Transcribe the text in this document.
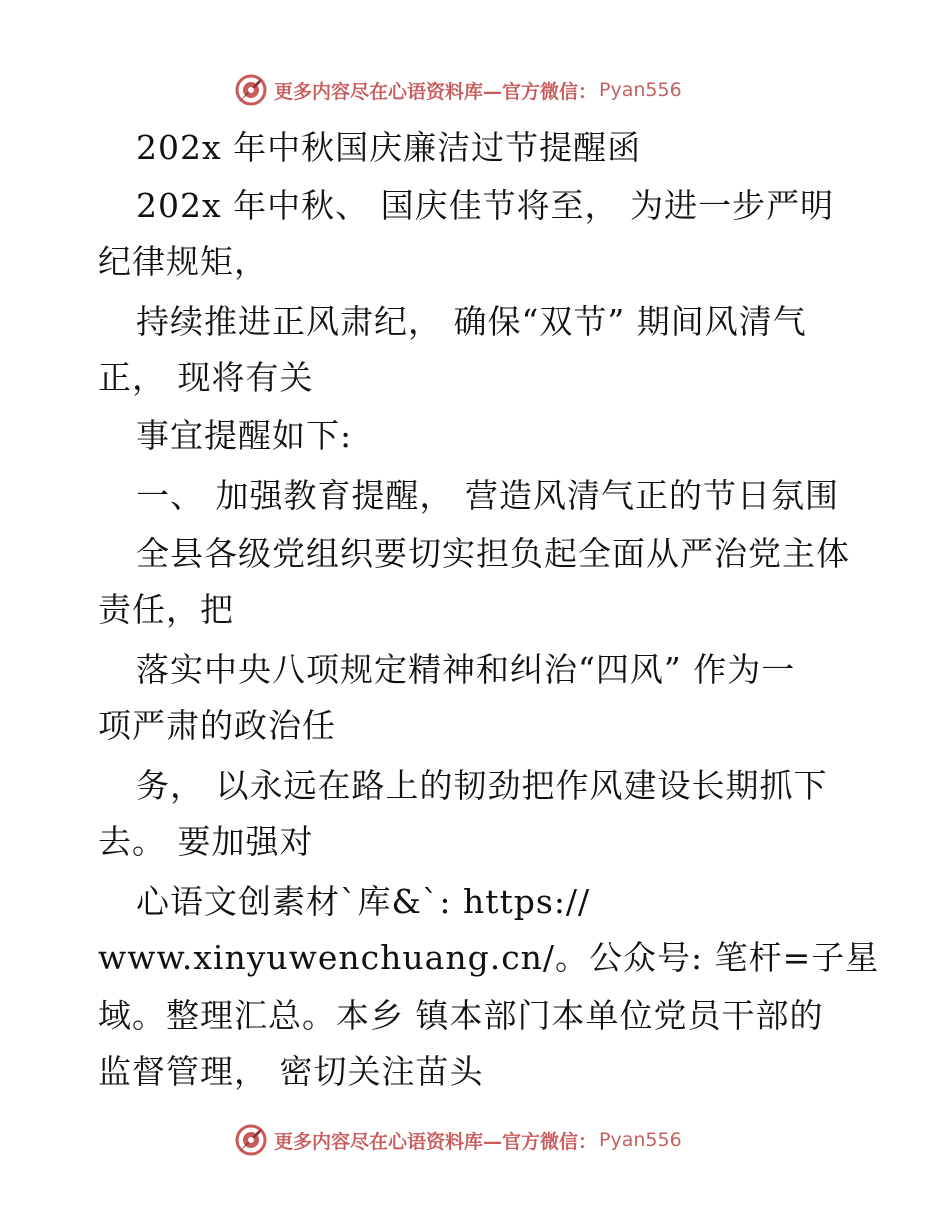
更多内容尽在心语资料库—官方微信： Pyan556
202x 年中秋国庆廉洁过节提醒函
202x 年中秋、 国庆佳节将至， 为进一步严明
纪律规矩，
持续推进正风肃纪， 确保“双节” 期间风清气
正， 现将有关
事宜提醒如下:
一、 加强教育提醒， 营造风清气正的节日氛围
全县各级党组织要切实担负起全面从严治党主体
责任，把
落实中央八项规定精神和纠治“四风” 作为一
项严肃的政治任
务， 以永远在路上的韧劲把作风建设长期抓下
去。 要加强对
心语文创素材`库&`: https://
www.xinyuwenchuang.cn/。公众号: 笔杆=子星
域。整理汇总。本乡 镇本部门本单位党员干部的
监督管理， 密切关注苗头
更多内容尽在心语资料库—官方微信： Pyan556
